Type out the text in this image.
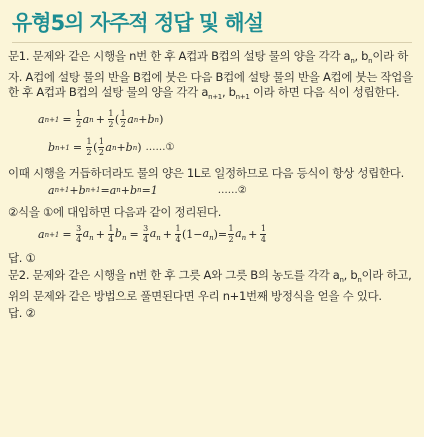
유형5의 자주적 정답 및 해설

문1. 문제와 같은 시행을 n번 한 후 A컵과 B컵의 설탕 물의 양을 각각 $a_n$, $b_n$이라 하자. A컵에 설탕 물의 반을 B컵에 붓은 다음 B컵에 설탕 물의 반을 A컵에 붓는 작업을 한 후 A컵과 B컵의 설탕 물의 양을 각각 $a_{n+1}$, $b_{n+1}$ 이라 하면 다음 식이 성립한다.

a $n+1 = \frac{1}{2}$ a $n + \frac{1}{2}$ ( $\frac{1}{2}$ a n +b n )
b $n+1 = \frac{1}{2}$ ( $\frac{1}{2}$ a n +b n ) ……①

이때 시행을 거듭하더라도 물의 양은 1L로 일정하므로 다음 등식이 항상 성립한다.

a n+1 +b n+1 =a n +b n =1	……②

②식을 ①에 대입하면 다음과 같이 정리된다.

a $n+1 = \frac{3}{4} a_n + \frac{1}{4} b_n = \frac{3}{4} a_n + \frac{1}{4} (1- a_n$ )= $\frac{1}{2} a_n + \frac{1}{4}$

답. ①

문2. 문제와 같은 시행을 n번 한 후 그릇 A와 그릇 B의 농도를 각각 $a_n$, $b_n$이라 하고, 위의 문제와 같은 방법으로 풀면된다면 우리 n+1번째 방정식을 얻을 수 있다.

답. ②
